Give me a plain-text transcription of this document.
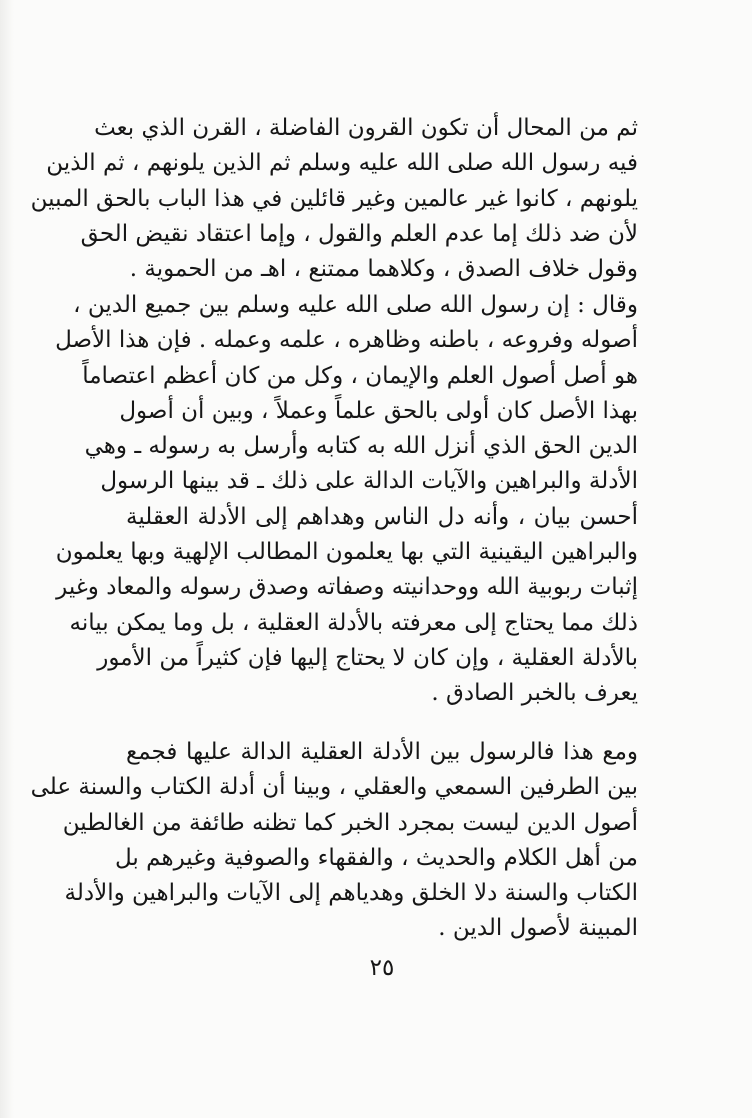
ثم من المحال أن تكون القرون الفاضلة ، القرن الذي بعث
فيه رسول الله صلى الله عليه وسلم ثم الذين يلونهم ، ثم الذين
يلونهم ، كانوا غير عالمين وغير قائلين في هذا الباب بالحق المبين
لأن ضد ذلك إما عدم العلم والقول ، وإما اعتقاد نقيض الحق
وقول خلاف الصدق ، وكلاهما ممتنع ، اهـ من الحموية .
وقال : إن رسول الله صلى الله عليه وسلم بين جميع الدين ،
أصوله وفروعه ، باطنه وظاهره ، علمه وعمله . فإن هذا الأصل
هو أصل أصول العلم والإيمان ، وكل من كان أعظم اعتصاماً
بهذا الأصل كان أولى بالحق علماً وعملاً ، وبين أن أصول
الدين الحق الذي أنزل الله به كتابه وأرسل به رسوله ـ وهي
الأدلة والبراهين والآيات الدالة على ذلك ـ قد بينها الرسول
أحسن بيان ، وأنه دل الناس وهداهم إلى الأدلة العقلية
والبراهين اليقينية التي بها يعلمون المطالب الإلهية وبها يعلمون
إثبات ربوبية الله ووحدانيته وصفاته وصدق رسوله والمعاد وغير
ذلك مما يحتاج إلى معرفته بالأدلة العقلية ، بل وما يمكن بيانه
بالأدلة العقلية ، وإن كان لا يحتاج إليها فإن كثيراً من الأمور
يعرف بالخبر الصادق .
ومع هذا فالرسول بين الأدلة العقلية الدالة عليها فجمع
بين الطرفين السمعي والعقلي ، وبينا أن أدلة الكتاب والسنة على
أصول الدين ليست بمجرد الخبر كما تظنه طائفة من الغالطين
من أهل الكلام والحديث ، والفقهاء والصوفية وغيرهم بل
الكتاب والسنة دلا الخلق وهدياهم إلى الآيات والبراهين والأدلة
المبينة لأصول الدين .
٢٥
